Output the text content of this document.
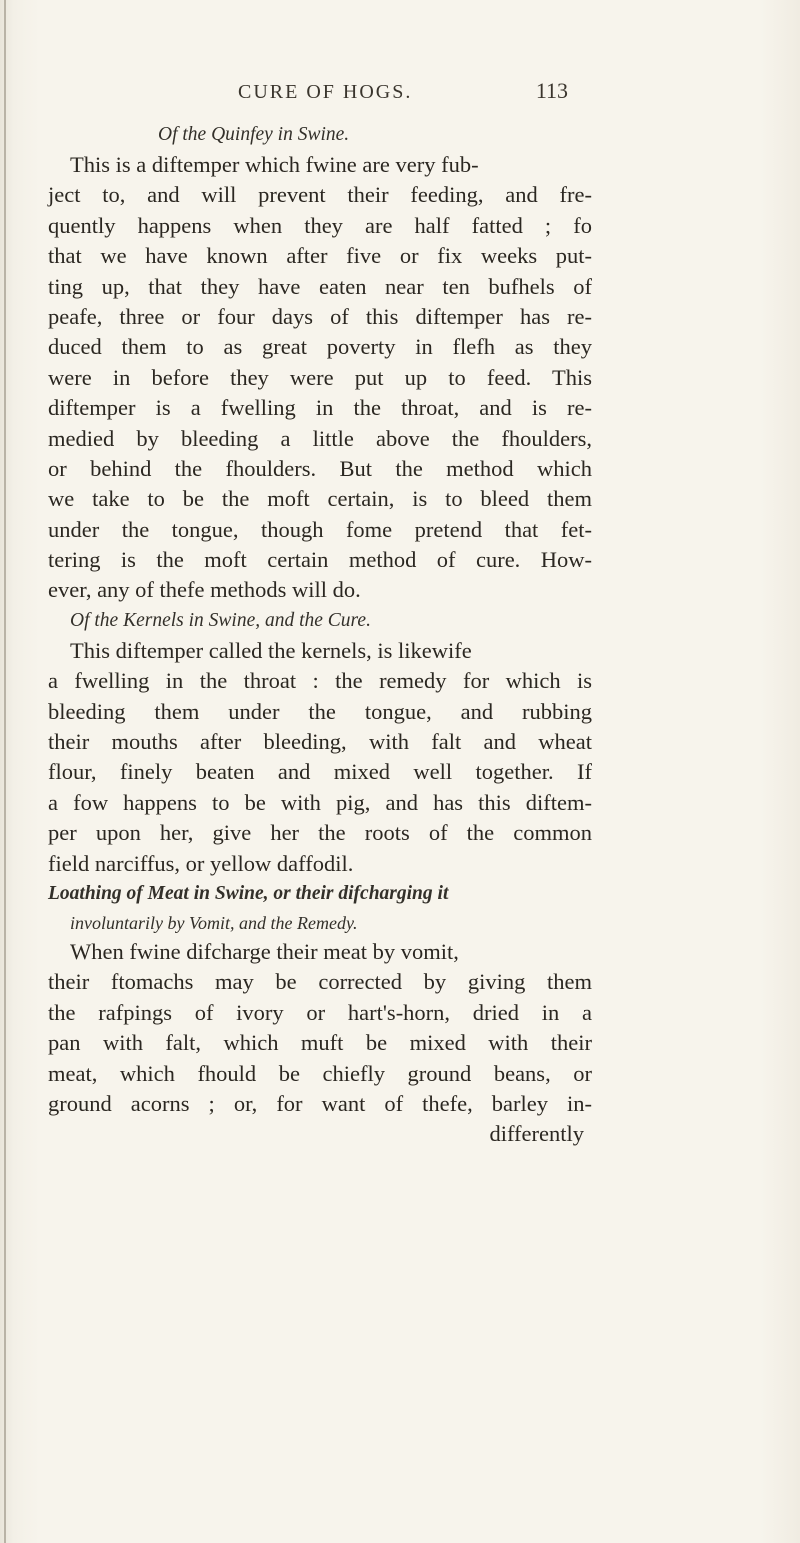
CURE OF HOGS.	113
Of the Quinfey in Swine.
This is a diftemper which fwine are very fub-
ject to, and will prevent their feeding, and fre-
quently happens when they are half fatted ; fo
that we have known after five or fix weeks put-
ting up, that they have eaten near ten bufhels of
peafe, three or four days of this diftemper has re-
duced them to as great poverty in flefh as they
were in before they were put up to feed. This
diftemper is a fwelling in the throat, and is re-
medied by bleeding a little above the fhoulders,
or behind the fhoulders. But the method which
we take to be the moft certain, is to bleed them
under the tongue, though fome pretend that fet-
tering is the moft certain method of cure. How-
ever, any of thefe methods will do.
Of the Kernels in Swine, and the Cure.
This diftemper called the kernels, is likewife
a fwelling in the throat : the remedy for which is
bleeding them under the tongue, and rubbing
their mouths after bleeding, with falt and wheat
flour, finely beaten and mixed well together. If
a fow happens to be with pig, and has this diftem-
per upon her, give her the roots of the common
field narciffus, or yellow daffodil.
Loathing of Meat in Swine, or their difcharging it
involuntarily by Vomit, and the Remedy.
When fwine difcharge their meat by vomit,
their ftomachs may be corrected by giving them
the rafpings of ivory or hart's-horn, dried in a
pan with falt, which muft be mixed with their
meat, which fhould be chiefly ground beans, or
ground acorns ; or, for want of thefe, barley in-
differently
